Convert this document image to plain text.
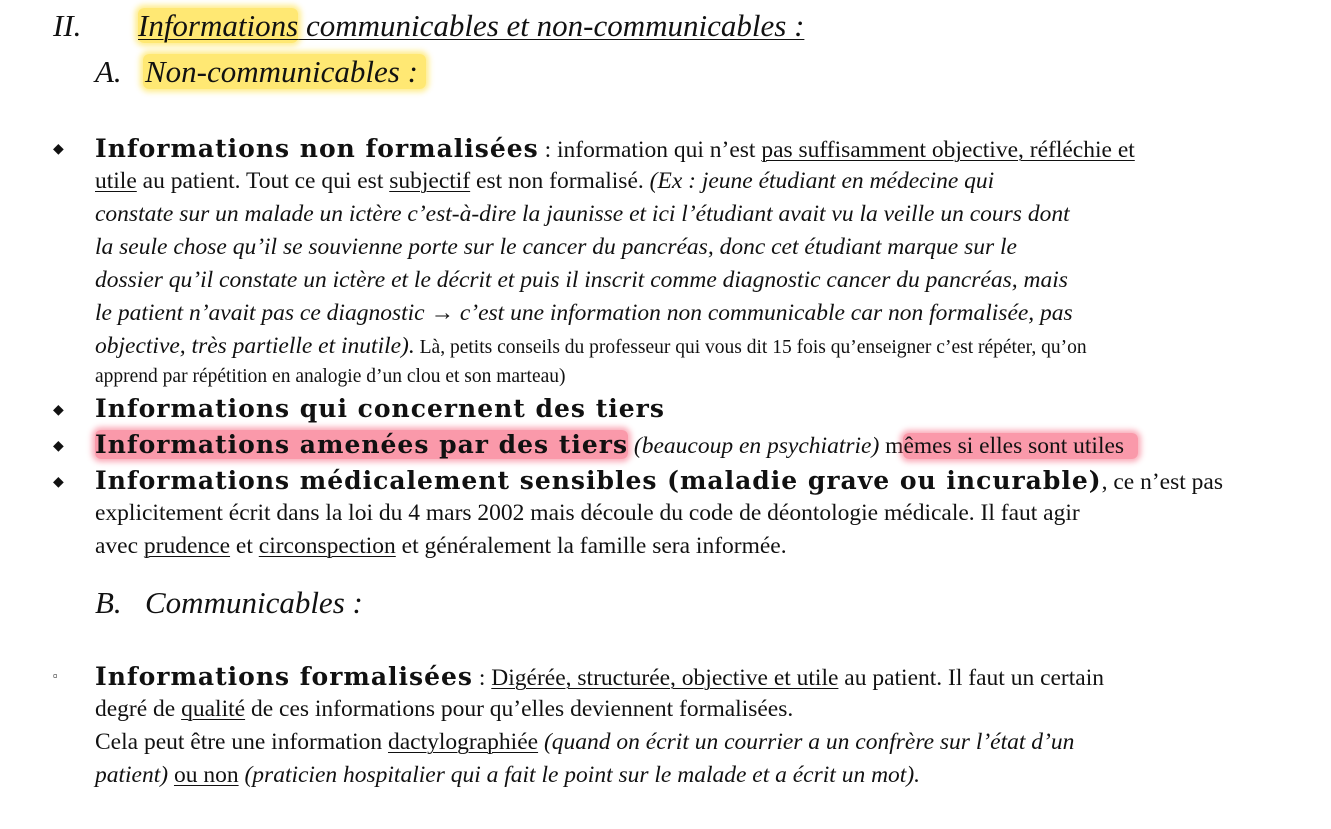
II. Informations communicables et non-communicables :
A. Non-communicables :
◆ Informations non formalisées : information qui n’est pas suffisamment objective, réfléchie et
utile au patient. Tout ce qui est subjectif est non formalisé. (Ex : jeune étudiant en médecine qui
constate sur un malade un ictère c’est-à-dire la jaunisse et ici l’étudiant avait vu la veille un cours dont
la seule chose qu’il se souvienne porte sur le cancer du pancréas, donc cet étudiant marque sur le
dossier qu’il constate un ictère et le décrit et puis il inscrit comme diagnostic cancer du pancréas, mais
le patient n’avait pas ce diagnostic → c’est une information non communicable car non formalisée, pas
objective, très partielle et inutile). Là, petits conseils du professeur qui vous dit 15 fois qu’enseigner c’est répéter, qu’on
apprend par répétition en analogie d’un clou et son marteau)
◆ Informations qui concernent des tiers
◆ Informations amenées par des tiers (beaucoup en psychiatrie) mêmes si elles sont utiles
◆ Informations médicalement sensibles (maladie grave ou incurable), ce n’est pas
explicitement écrit dans la loi du 4 mars 2002 mais découle du code de déontologie médicale. Il faut agir
avec prudence et circonspection et généralement la famille sera informée.
B. Communicables :
▫ Informations formalisées : Digérée, structurée, objective et utile au patient. Il faut un certain
degré de qualité de ces informations pour qu’elles deviennent formalisées.
Cela peut être une information dactylographiée (quand on écrit un courrier a un confrère sur l’état d’un
patient) ou non (praticien hospitalier qui a fait le point sur le malade et a écrit un mot).
